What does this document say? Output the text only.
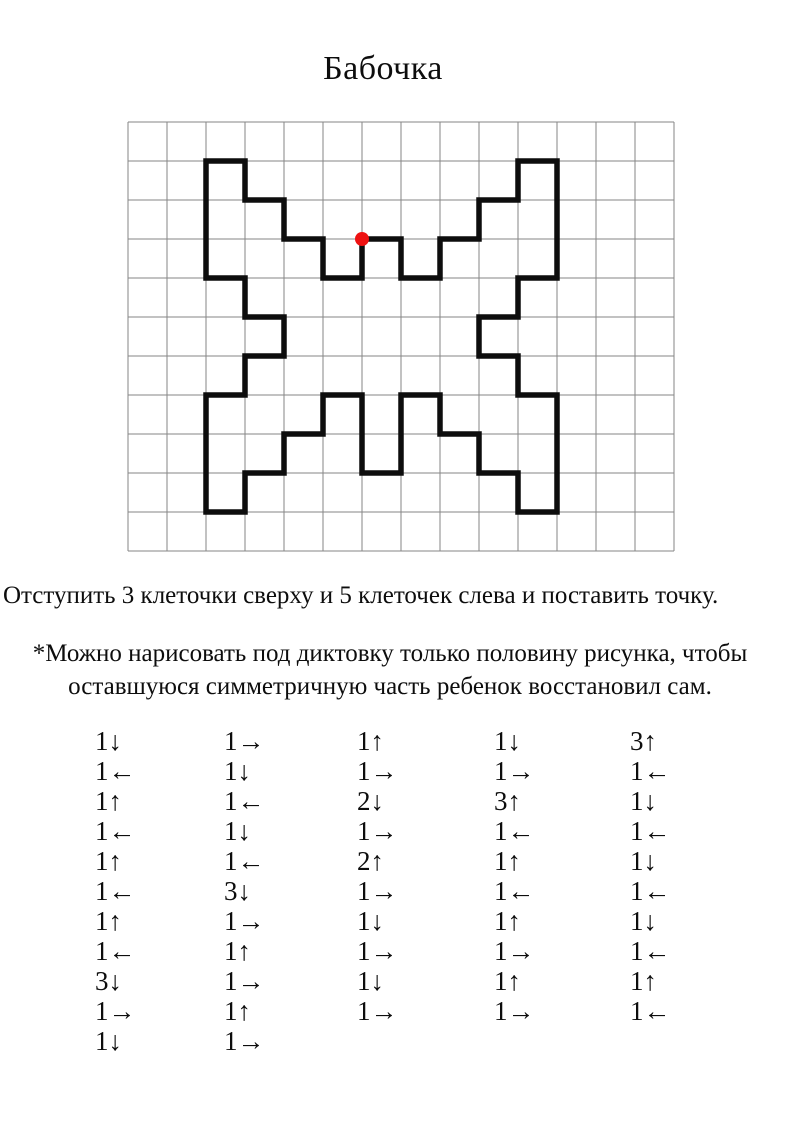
Бабочка
Отступить 3 клеточки сверху и 5 клеточек слева и поставить точку.
*Можно нарисовать под диктовку только половину рисунка, чтобы
оставшуюся симметричную часть ребенок восстановил сам.
1↓	1→	1↑	1↓	3↑
1←	1↓	1→	1→	1←
1↑	1←	2↓	3↑	1↓
1←	1↓	1→	1←	1←
1↑	1←	2↑	1↑	1↓
1←	3↓	1→	1←	1←
1↑	1→	1↓	1↑	1↓
1←	1↑	1→	1→	1←
3↓	1→	1↓	1↑	1↑
1→	1↑	1→	1→	1←
1↓	1→
